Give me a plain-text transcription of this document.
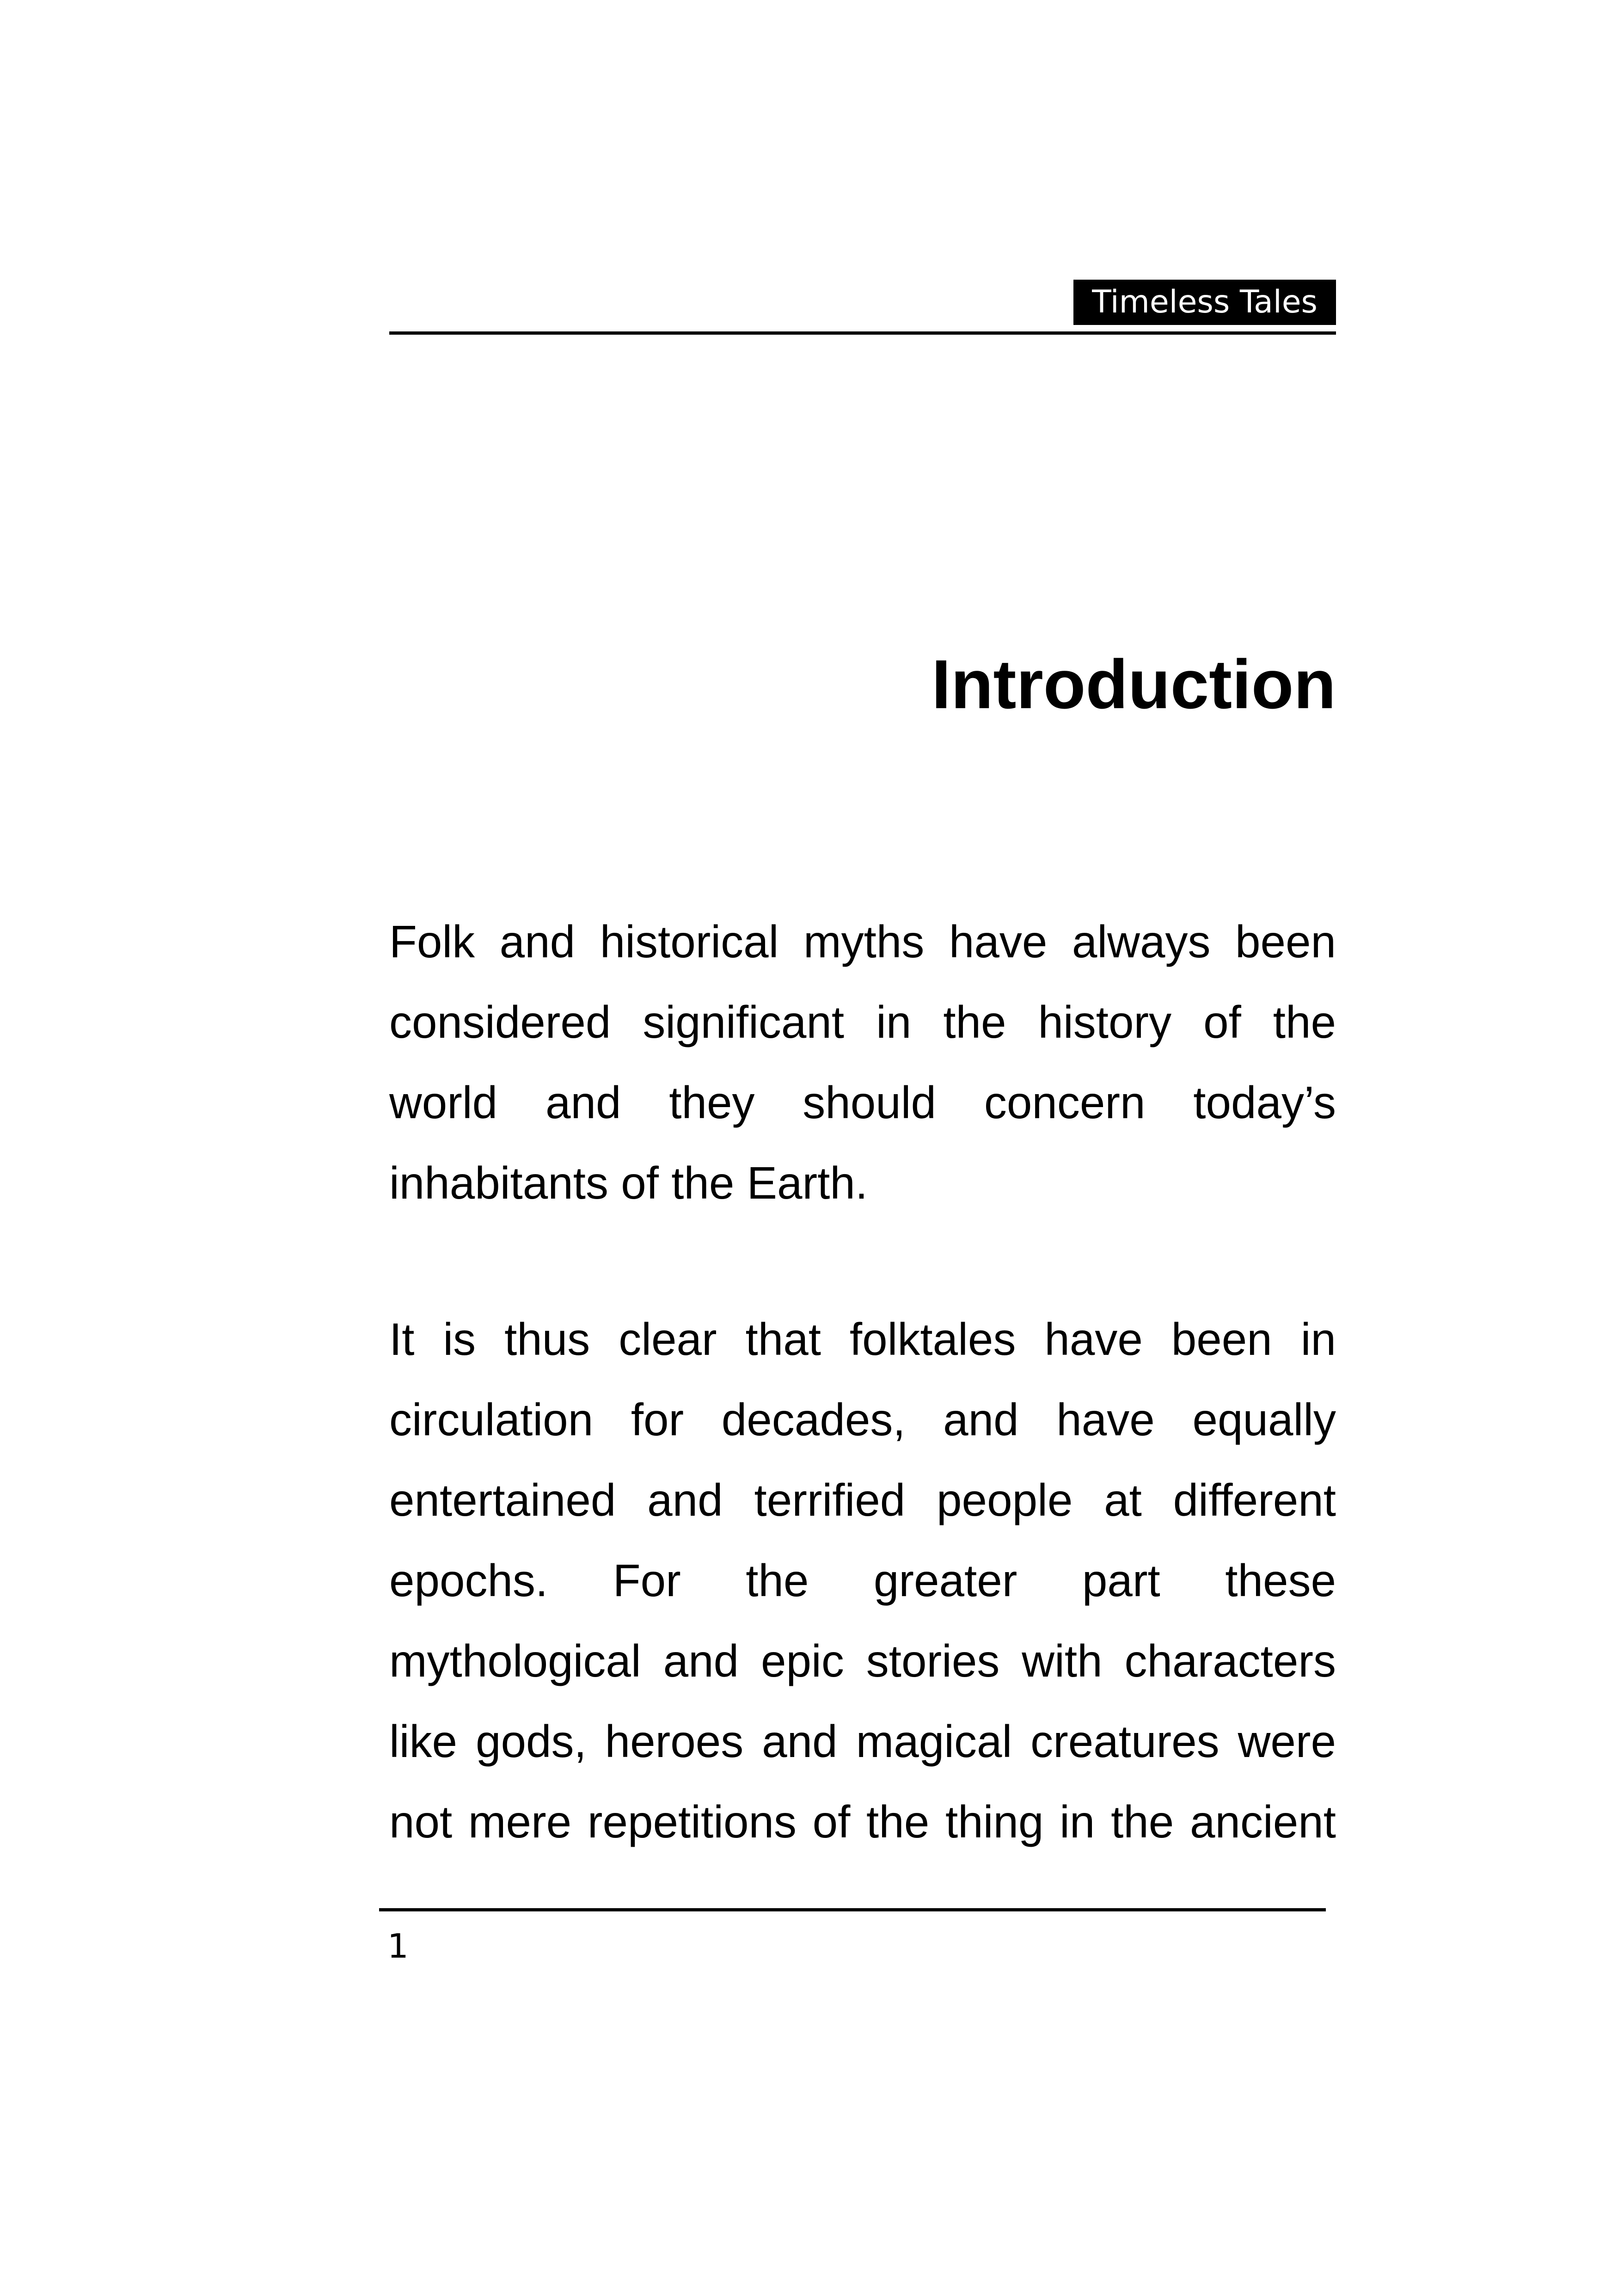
Timeless Tales
Introduction
Folk and historical myths have always been
considered significant in the history of the
world and they should concern today’s
inhabitants of the Earth.
It is thus clear that folktales have been in
circulation for decades, and have equally
entertained and terrified people at different
epochs. For the greater part these
mythological and epic stories with characters
like gods, heroes and magical creatures were
not mere repetitions of the thing in the ancient
1
